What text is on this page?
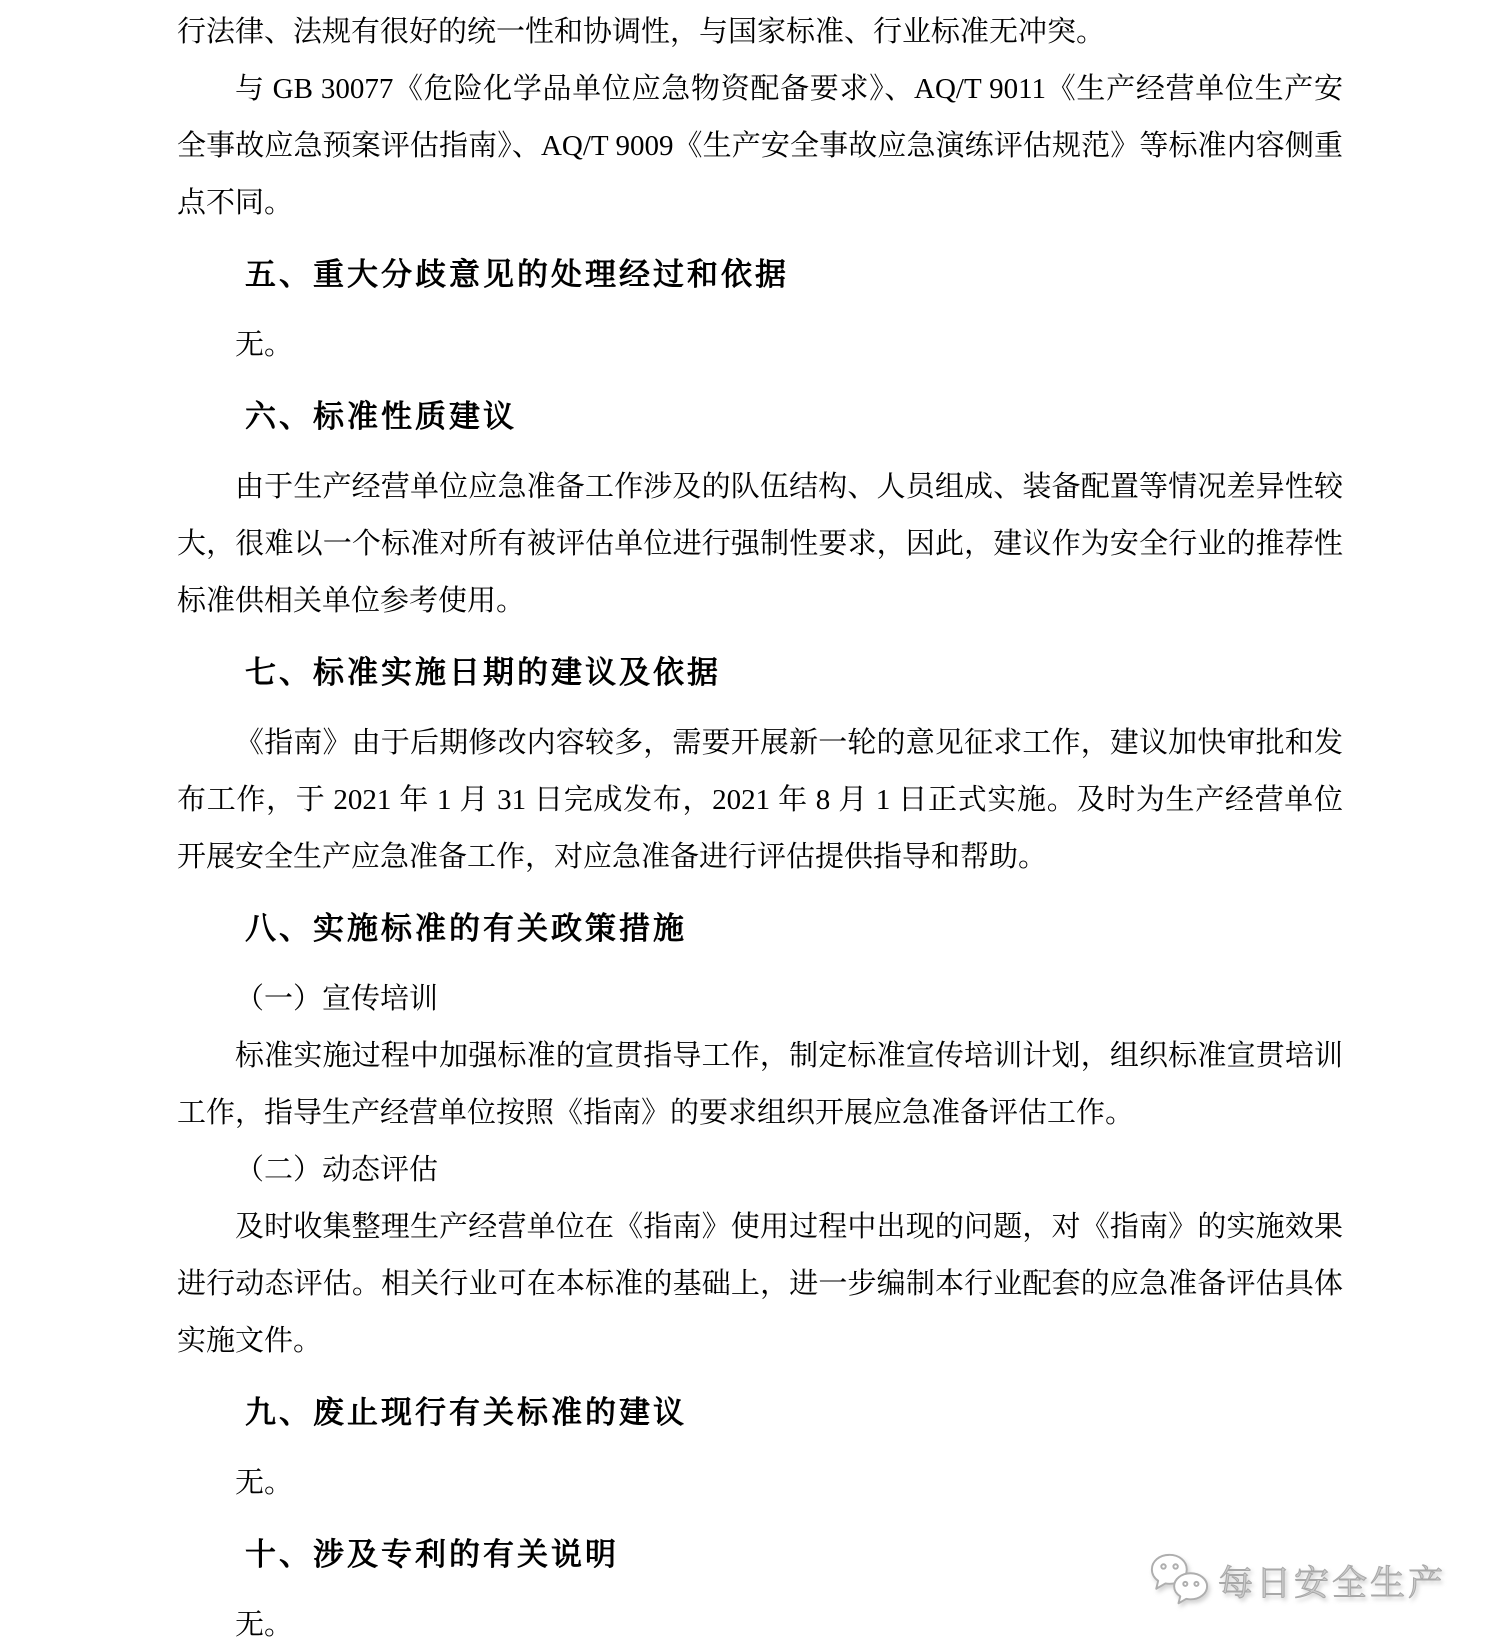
行法律、法规有很好的统一性和协调性，与国家标准、行业标准无冲突。

与 GB 30077《危险化学品单位应急物资配备要求》、AQ/T 9011《生产经营单位生产安全事故应急预案评估指南》、AQ/T 9009《生产安全事故应急演练评估规范》等标准内容侧重点不同。

五、重大分歧意见的处理经过和依据

无。

六、标准性质建议

由于生产经营单位应急准备工作涉及的队伍结构、人员组成、装备配置等情况差异性较大，很难以一个标准对所有被评估单位进行强制性要求，因此，建议作为安全行业的推荐性标准供相关单位参考使用。

七、标准实施日期的建议及依据

《指南》由于后期修改内容较多，需要开展新一轮的意见征求工作，建议加快审批和发布工作，于 2021 年 1 月 31 日完成发布，2021 年 8 月 1 日正式实施。及时为生产经营单位开展安全生产应急准备工作，对应急准备进行评估提供指导和帮助。

八、实施标准的有关政策措施

（一）宣传培训

标准实施过程中加强标准的宣贯指导工作，制定标准宣传培训计划，组织标准宣贯培训工作，指导生产经营单位按照《指南》的要求组织开展应急准备评估工作。

（二）动态评估

及时收集整理生产经营单位在《指南》使用过程中出现的问题，对《指南》的实施效果进行动态评估。相关行业可在本标准的基础上，进一步编制本行业配套的应急准备评估具体实施文件。

九、废止现行有关标准的建议

无。

十、涉及专利的有关说明

无。

每日安全生产
